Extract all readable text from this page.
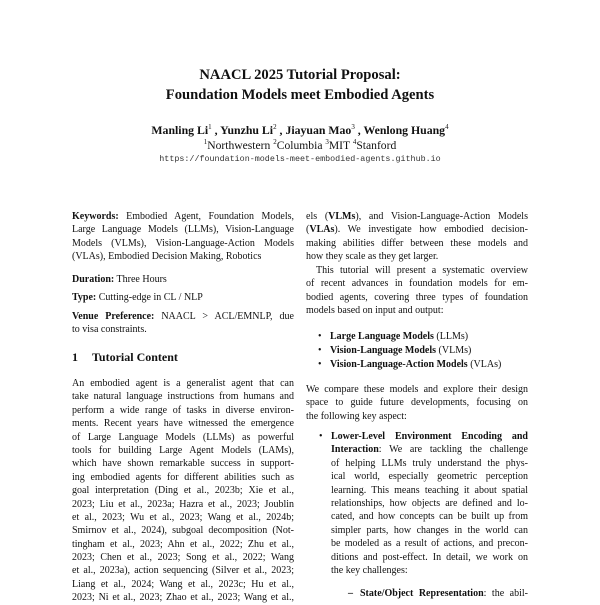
NAACL 2025 Tutorial Proposal:
Foundation Models meet Embodied Agents
Manling Li$^1$ , Yunzhu Li$^2$ , Jiayuan Mao$^3$ , Wenlong Huang$^4$
$^1$Northwestern $^2$Columbia $^3$MIT $^4$Stanford
https://foundation-models-meet-embodied-agents.github.io
Keywords: Embodied Agent, Foundation Models,
Large Language Models (LLMs), Vision-Language
Models (VLMs), Vision-Language-Action Models
(VLAs), Embodied Decision Making, Robotics
Duration: Three Hours
Type: Cutting-edge in CL / NLP
Venue Preference: NAACL > ACL/EMNLP, due
to visa constraints.
1 Tutorial Content
An embodied agent is a generalist agent that can
take natural language instructions from humans and
perform a wide range of tasks in diverse environ-
ments. Recent years have witnessed the emergence
of Large Language Models (LLMs) as powerful
tools for building Large Agent Models (LAMs),
which have shown remarkable success in support-
ing embodied agents for different abilities such as
goal interpretation (Ding et al., 2023b; Xie et al.,
2023; Liu et al., 2023a; Hazra et al., 2023; Joublin
et al., 2023; Wu et al., 2023; Wang et al., 2024b;
Smirnov et al., 2024), subgoal decomposition (Not-
tingham et al., 2023; Ahn et al., 2022; Zhu et al.,
2023; Chen et al., 2023; Song et al., 2022; Wang
et al., 2023a), action sequencing (Silver et al., 2023;
Liang et al., 2024; Wang et al., 2023c; Hu et al.,
2023; Ni et al., 2023; Zhao et al., 2023; Wang et al.,
els (VLMs), and Vision-Language-Action Models
(VLAs). We investigate how embodied decision-
making abilities differ between these models and
how they scale as they get larger.
This tutorial will present a systematic overview
of recent advances in foundation models for em-
bodied agents, covering three types of foundation
models based on input and output:
• Large Language Models (LLMs)
• Vision-Language Models (VLMs)
• Vision-Language-Action Models (VLAs)
We compare these models and explore their design
space to guide future developments, focusing on
the following key aspect:
• Lower-Level Environment Encoding and
Interaction: We are tackling the challenge
of helping LLMs truly understand the phys-
ical world, especially geometric perception
learning. This means teaching it about spatial
relationships, how objects are defined and lo-
cated, and how concepts can be built up from
simpler parts, how changes in the world can
be modeled as a result of actions, and precon-
ditions and post-effect. In detail, we work on
the key challenges:
– State/Object Representation: the abil-
